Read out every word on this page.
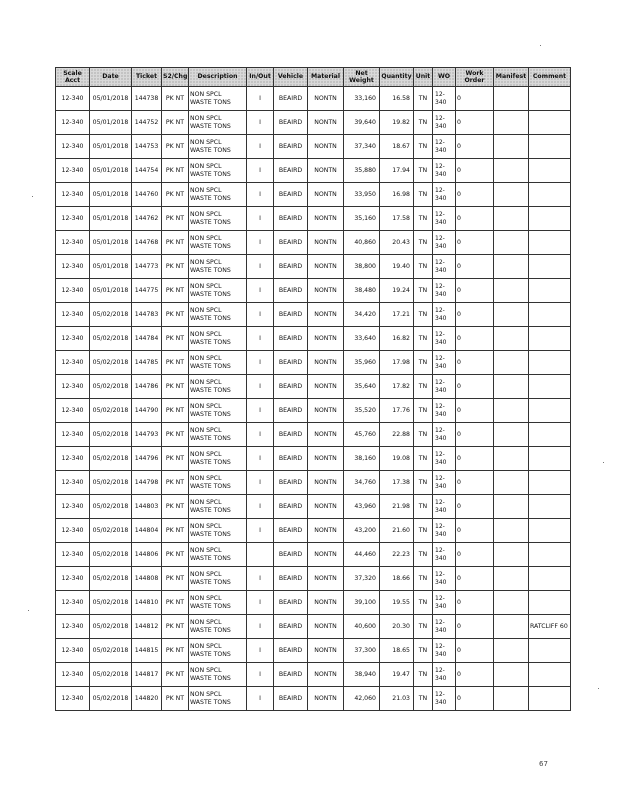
Scale Acct	Date	Ticket	S2/Chg	Description	In/Out	Vehicle	Material	Net Weight	Quantity	Unit	WO	Work Order	Manifest	Comment
12-340	05/01/2018	144738	PK NT	NON SPCL WASTE TONS	I	BEAIRD	NONTN	33,160	16.58	TN	12-340	0		
12-340	05/01/2018	144752	PK NT	NON SPCL WASTE TONS	I	BEAIRD	NONTN	39,640	19.82	TN	12-340	0		
12-340	05/01/2018	144753	PK NT	NON SPCL WASTE TONS	I	BEAIRD	NONTN	37,340	18.67	TN	12-340	0		
12-340	05/01/2018	144754	PK NT	NON SPCL WASTE TONS	I	BEAIRD	NONTN	35,880	17.94	TN	12-340	0		
12-340	05/01/2018	144760	PK NT	NON SPCL WASTE TONS	I	BEAIRD	NONTN	33,950	16.98	TN	12-340	0		
12-340	05/01/2018	144762	PK NT	NON SPCL WASTE TONS	I	BEAIRD	NONTN	35,160	17.58	TN	12-340	0		
12-340	05/01/2018	144768	PK NT	NON SPCL WASTE TONS	I	BEAIRD	NONTN	40,860	20.43	TN	12-340	0		
12-340	05/01/2018	144773	PK NT	NON SPCL WASTE TONS	I	BEAIRD	NONTN	38,800	19.40	TN	12-340	0		
12-340	05/01/2018	144775	PK NT	NON SPCL WASTE TONS	I	BEAIRD	NONTN	38,480	19.24	TN	12-340	0		
12-340	05/02/2018	144783	PK NT	NON SPCL WASTE TONS	I	BEAIRD	NONTN	34,420	17.21	TN	12-340	0		
12-340	05/02/2018	144784	PK NT	NON SPCL WASTE TONS	I	BEAIRD	NONTN	33,640	16.82	TN	12-340	0		
12-340	05/02/2018	144785	PK NT	NON SPCL WASTE TONS	I	BEAIRD	NONTN	35,960	17.98	TN	12-340	0		
12-340	05/02/2018	144786	PK NT	NON SPCL WASTE TONS	I	BEAIRD	NONTN	35,640	17.82	TN	12-340	0		
12-340	05/02/2018	144790	PK NT	NON SPCL WASTE TONS	I	BEAIRD	NONTN	35,520	17.76	TN	12-340	0		
12-340	05/02/2018	144793	PK NT	NON SPCL WASTE TONS	I	BEAIRD	NONTN	45,760	22.88	TN	12-340	0		
12-340	05/02/2018	144796	PK NT	NON SPCL WASTE TONS	I	BEAIRD	NONTN	38,160	19.08	TN	12-340	0		
12-340	05/02/2018	144798	PK NT	NON SPCL WASTE TONS	I	BEAIRD	NONTN	34,760	17.38	TN	12-340	0		
12-340	05/02/2018	144803	PK NT	NON SPCL WASTE TONS	I	BEAIRD	NONTN	43,960	21.98	TN	12-340	0		
12-340	05/02/2018	144804	PK NT	NON SPCL WASTE TONS	I	BEAIRD	NONTN	43,200	21.60	TN	12-340	0		
12-340	05/02/2018	144806	PK NT	NON SPCL WASTE TONS		BEAIRD	NONTN	44,460	22.23	TN	12-340	0		
12-340	05/02/2018	144808	PK NT	NON SPCL WASTE TONS	I	BEAIRD	NONTN	37,320	18.66	TN	12-340	0		
12-340	05/02/2018	144810	PK NT	NON SPCL WASTE TONS	I	BEAIRD	NONTN	39,100	19.55	TN	12-340	0		
12-340	05/02/2018	144812	PK NT	NON SPCL WASTE TONS	I	BEAIRD	NONTN	40,600	20.30	TN	12-340	0		RATCLIFF 60
12-340	05/02/2018	144815	PK NT	NON SPCL WASTE TONS	I	BEAIRD	NONTN	37,300	18.65	TN	12-340	0		
12-340	05/02/2018	144817	PK NT	NON SPCL WASTE TONS	I	BEAIRD	NONTN	38,940	19.47	TN	12-340	0		
12-340	05/02/2018	144820	PK NT	NON SPCL WASTE TONS	I	BEAIRD	NONTN	42,060	21.03	TN	12-340	0		
67
